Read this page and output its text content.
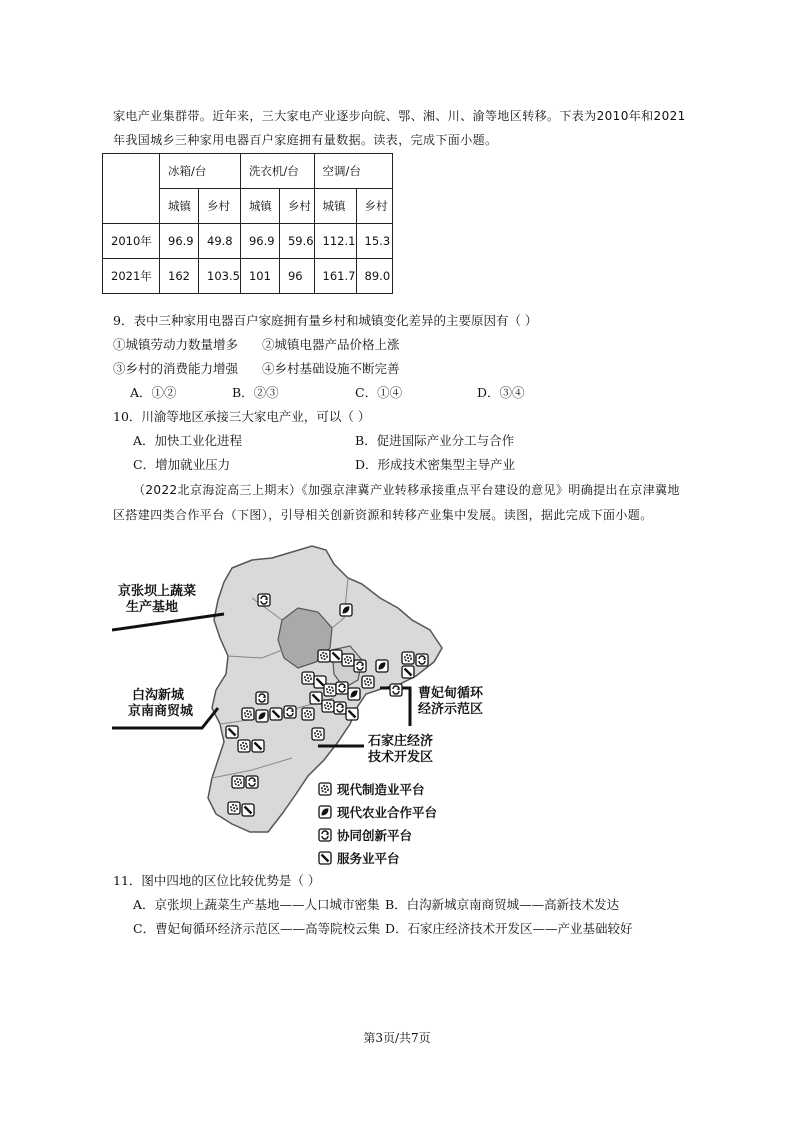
家电产业集群带。近年来，三大家电产业逐步向皖、鄂、湘、川、渝等地区转移。下表为2010年和2021
年我国城乡三种家用电器百户家庭拥有量数据。读表，完成下面小题。
	冰箱/台		洗衣机/台		空调/台	
	城镇	乡村	城镇	乡村	城镇	乡村
2010年	96.9	49.8	96.9	59.6	112.1	15.3
2021年	162	103.5	101	96	161.7	89.0
9．表中三种家用电器百户家庭拥有量乡村和城镇变化差异的主要原因有（ ）
①城镇劳动力数量增多 ②城镇电器产品价格上涨
③乡村的消费能力增强 ④乡村基础设施不断完善
A．①②	B．②③	C．①④	D．③④
10．川渝等地区承接三大家电产业，可以（ ）
A．加快工业化进程	B．促进国际产业分工与合作
C．增加就业压力	D．形成技术密集型主导产业
（2022北京海淀高三上期末）《加强京津冀产业转移承接重点平台建设的意见》明确提出在京津冀地
区搭建四类合作平台（下图），引导相关创新资源和转移产业集中发展。读图，据此完成下面小题。
京张坝上蔬菜
生产基地
白沟新城
京南商贸城
曹妃甸循环
经济示范区
石家庄经济
技术开发区
现代制造业平台
现代农业合作平台
协同创新平台
服务业平台
11．图中四地的区位比较优势是（ ）
A．京张坝上蔬菜生产基地——人口城市密集 B．白沟新城京南商贸城——高新技术发达
C．曹妃甸循环经济示范区——高等院校云集 D．石家庄经济技术开发区——产业基础较好
第3页/共7页
